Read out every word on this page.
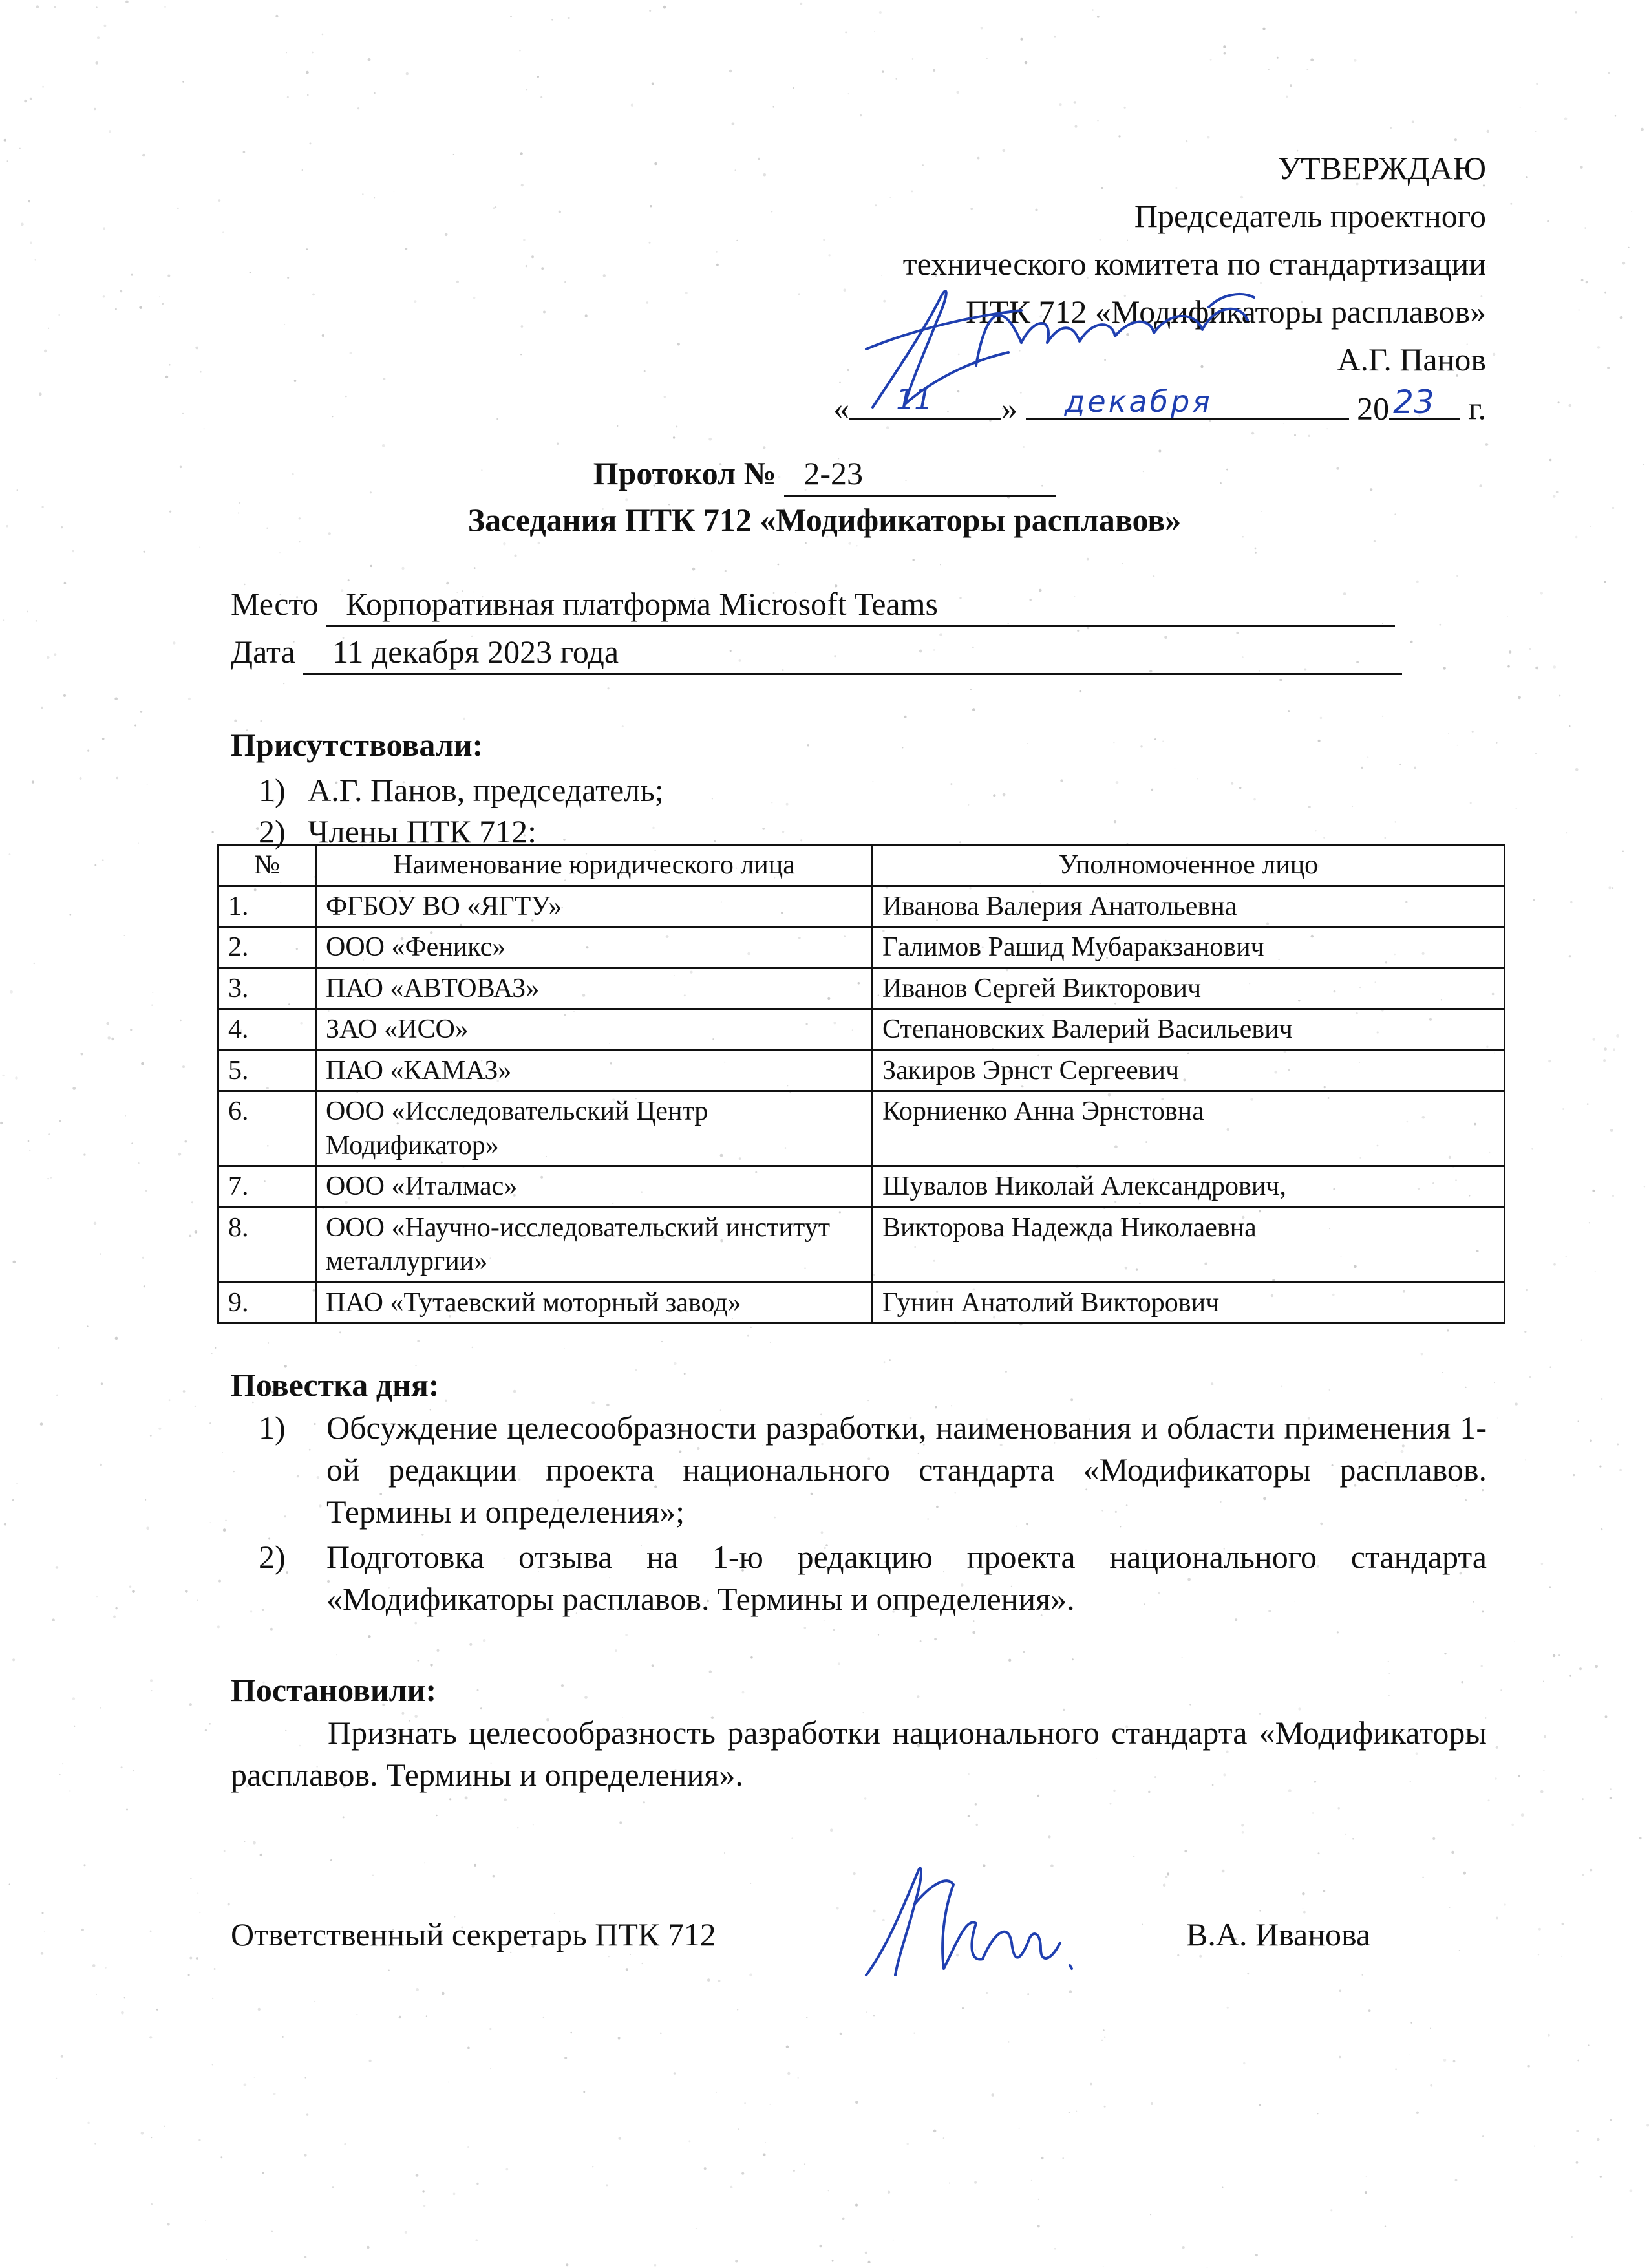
УТВЕРЖДАЮ
Председатель проектного
технического комитета по стандартизации
ПТК 712 «Модификаторы расплавов»
А.Г. Панов
« 11 » декабря	20 23 г.
Протокол № 2-23
Заседания ПТК 712 «Модификаторы расплавов»
Место Корпоративная платформа Microsoft Teams
Дата 11 декабря 2023 года
Присутствовали:
1) А.Г. Панов, председатель;
2) Члены ПТК 712:
№	Наименование юридического лица	Уполномоченное лицо
1.	ФГБОУ ВО «ЯГТУ»	Иванова Валерия Анатольевна
2.	ООО «Феникс»	Галимов Рашид Мубаракзанович
3.	ПАО «АВТОВАЗ»	Иванов Сергей Викторович
4.	ЗАО «ИСО»	Степановских Валерий Васильевич
5.	ПАО «КАМАЗ»	Закиров Эрнст Сергеевич
6.	ООО «Исследовательский Центр Модификатор»	Корниенко Анна Эрнстовна
7.	ООО «Италмас»	Шувалов Николай Александрович,
8.	ООО «Научно-исследовательский институт металлургии»	Викторова Надежда Николаевна
9.	ПАО «Тутаевский моторный завод»	Гунин Анатолий Викторович
Повестка дня:
1) Обсуждение целесообразности разработки, наименования и области применения 1-ой редакции проекта национального стандарта «Модификаторы расплавов. Термины и определения»;
2) Подготовка отзыва на 1-ю редакцию проекта национального стандарта «Модификаторы расплавов. Термины и определения».
Постановили:
Признать целесообразность разработки национального стандарта «Модификаторы расплавов. Термины и определения».
Ответственный секретарь ПТК 712	В.А. Иванова
